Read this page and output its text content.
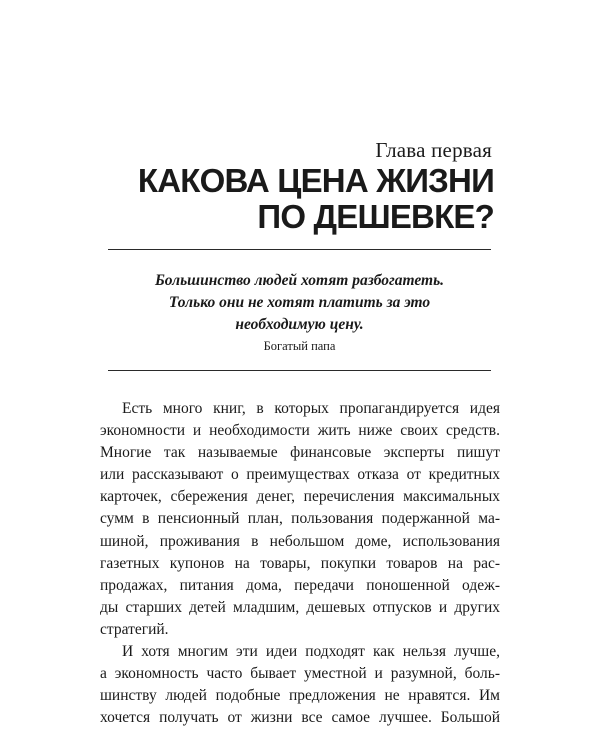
Глава первая
КАКОВА ЦЕНА ЖИЗНИ
ПО ДЕШЕВКЕ?
Большинство людей хотят разбогатеть.
Только они не хотят платить за это
необходимую цену.
Богатый папа
Есть много книг, в которых пропагандируется идея
экономности и необходимости жить ниже своих средств.
Многие так называемые финансовые эксперты пишут
или рассказывают о преимуществах отказа от кредитных
карточек, сбережения денег, перечисления максимальных
сумм в пенсионный план, пользования подержанной ма-
шиной, проживания в небольшом доме, использования
газетных купонов на товары, покупки товаров на рас-
продажах, питания дома, передачи поношенной одеж-
ды старших детей младшим, дешевых отпусков и других
стратегий.
И хотя многим эти идеи подходят как нельзя лучше,
а экономность часто бывает уместной и разумной, боль-
шинству людей подобные предложения не нравятся. Им
хочется получать от жизни все самое лучшее. Большой
